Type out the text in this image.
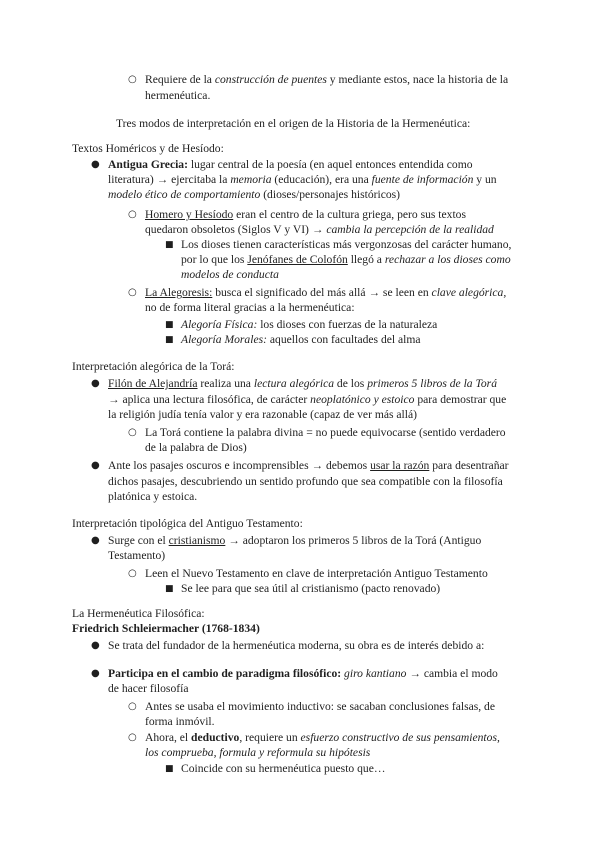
○ Requiere de la construcción de puentes y mediante estos, nace la historia de la
hermenéutica.
Tres modos de interpretación en el origen de la Historia de la Hermenéutica:
Textos Homéricos y de Hesíodo:
● Antigua Grecia: lugar central de la poesía (en aquel entonces entendida como
literatura) → ejercitaba la memoria (educación), era una fuente de información y un
modelo ético de comportamiento (dioses/personajes históricos)
○ Homero y Hesíodo eran el centro de la cultura griega, pero sus textos
quedaron obsoletos (Siglos V y VI) → cambia la percepción de la realidad
■ Los dioses tienen características más vergonzosas del carácter humano,
por lo que los Jenófanes de Colofón llegó a rechazar a los dioses como
modelos de conducta
○ La Alegoresis: busca el significado del más allá → se leen en clave alegórica,
no de forma literal gracias a la hermenéutica:
■ Alegoría Física: los dioses con fuerzas de la naturaleza
■ Alegoría Morales: aquellos con facultades del alma
Interpretación alegórica de la Torá:
● Filón de Alejandría realiza una lectura alegórica de los primeros 5 libros de la Torá
→ aplica una lectura filosófica, de carácter neoplatónico y estoico para demostrar que
la religión judía tenía valor y era razonable (capaz de ver más allá)
○ La Torá contiene la palabra divina = no puede equivocarse (sentido verdadero
de la palabra de Dios)
● Ante los pasajes oscuros e incomprensibles → debemos usar la razón para desentrañar
dichos pasajes, descubriendo un sentido profundo que sea compatible con la filosofía
platónica y estoica.
Interpretación tipológica del Antiguo Testamento:
● Surge con el cristianismo → adoptaron los primeros 5 libros de la Torá (Antiguo
Testamento)
○ Leen el Nuevo Testamento en clave de interpretación Antiguo Testamento
■ Se lee para que sea útil al cristianismo (pacto renovado)
La Hermenéutica Filosófica:
Friedrich Schleiermacher (1768-1834)
● Se trata del fundador de la hermenéutica moderna, su obra es de interés debido a:
● Participa en el cambio de paradigma filosófico: giro kantiano → cambia el modo
de hacer filosofía
○ Antes se usaba el movimiento inductivo: se sacaban conclusiones falsas, de
forma inmóvil.
○ Ahora, el deductivo, requiere un esfuerzo constructivo de sus pensamientos,
los comprueba, formula y reformula su hipótesis
■ Coincide con su hermenéutica puesto que…
